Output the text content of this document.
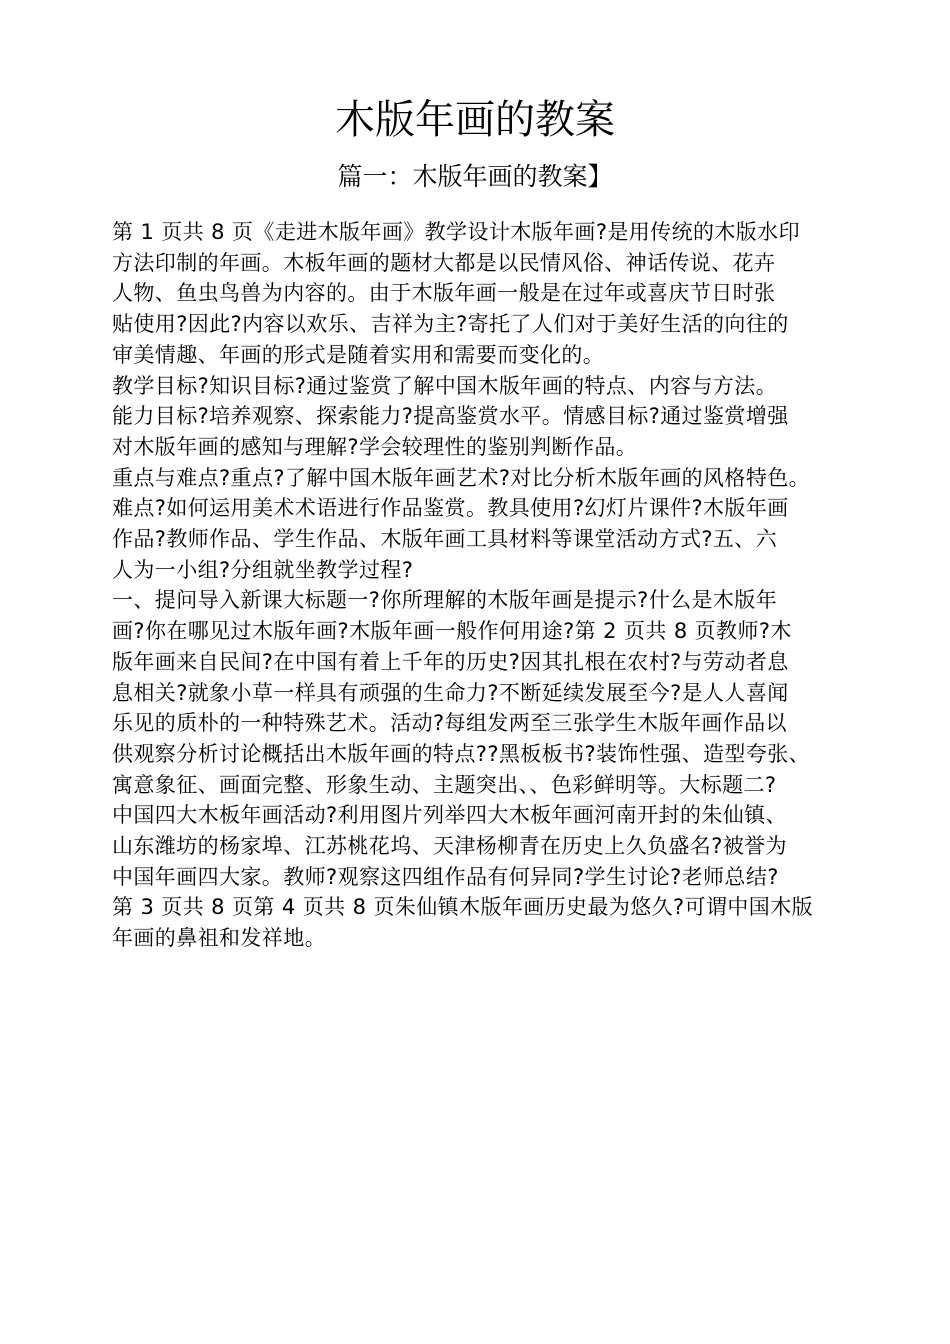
木版年画的教案
篇一：木版年画的教案】
第 1 页共 8 页《走进木版年画》教学设计木版年画?是用传统的木版水印
方法印制的年画。木板年画的题材大都是以民情风俗、神话传说、花卉
人物、鱼虫鸟兽为内容的。由于木版年画一般是在过年或喜庆节日时张
贴使用?因此?内容以欢乐、吉祥为主?寄托了人们对于美好生活的向往的
审美情趣、年画的形式是随着实用和需要而变化的。
教学目标?知识目标?通过鉴赏了解中国木版年画的特点、内容与方法。
能力目标?培养观察、探索能力?提高鉴赏水平。情感目标?通过鉴赏增强
对木版年画的感知与理解?学会较理性的鉴别判断作品。
重点与难点?重点?了解中国木版年画艺术?对比分析木版年画的风格特色。
难点?如何运用美术术语进行作品鉴赏。教具使用?幻灯片课件?木版年画
作品?教师作品、学生作品、木版年画工具材料等课堂活动方式?五、六
人为一小组?分组就坐教学过程?
一、提问导入新课大标题一?你所理解的木版年画是提示?什么是木版年
画?你在哪见过木版年画?木版年画一般作何用途?第 2 页共 8 页教师?木
版年画来自民间?在中国有着上千年的历史?因其扎根在农村?与劳动者息
息相关?就象小草一样具有顽强的生命力?不断延续发展至今?是人人喜闻
乐见的质朴的一种特殊艺术。活动?每组发两至三张学生木版年画作品以
供观察分析讨论概括出木版年画的特点??黑板板书?装饰性强、造型夸张、
寓意象征、画面完整、形象生动、主题突出、、色彩鲜明等。大标题二?
中国四大木板年画活动?利用图片列举四大木板年画河南开封的朱仙镇、
山东潍坊的杨家埠、江苏桃花坞、天津杨柳青在历史上久负盛名?被誉为
中国年画四大家。教师?观察这四组作品有何异同?学生讨论?老师总结?
第 3 页共 8 页第 4 页共 8 页朱仙镇木版年画历史最为悠久?可谓中国木版
年画的鼻祖和发祥地。
